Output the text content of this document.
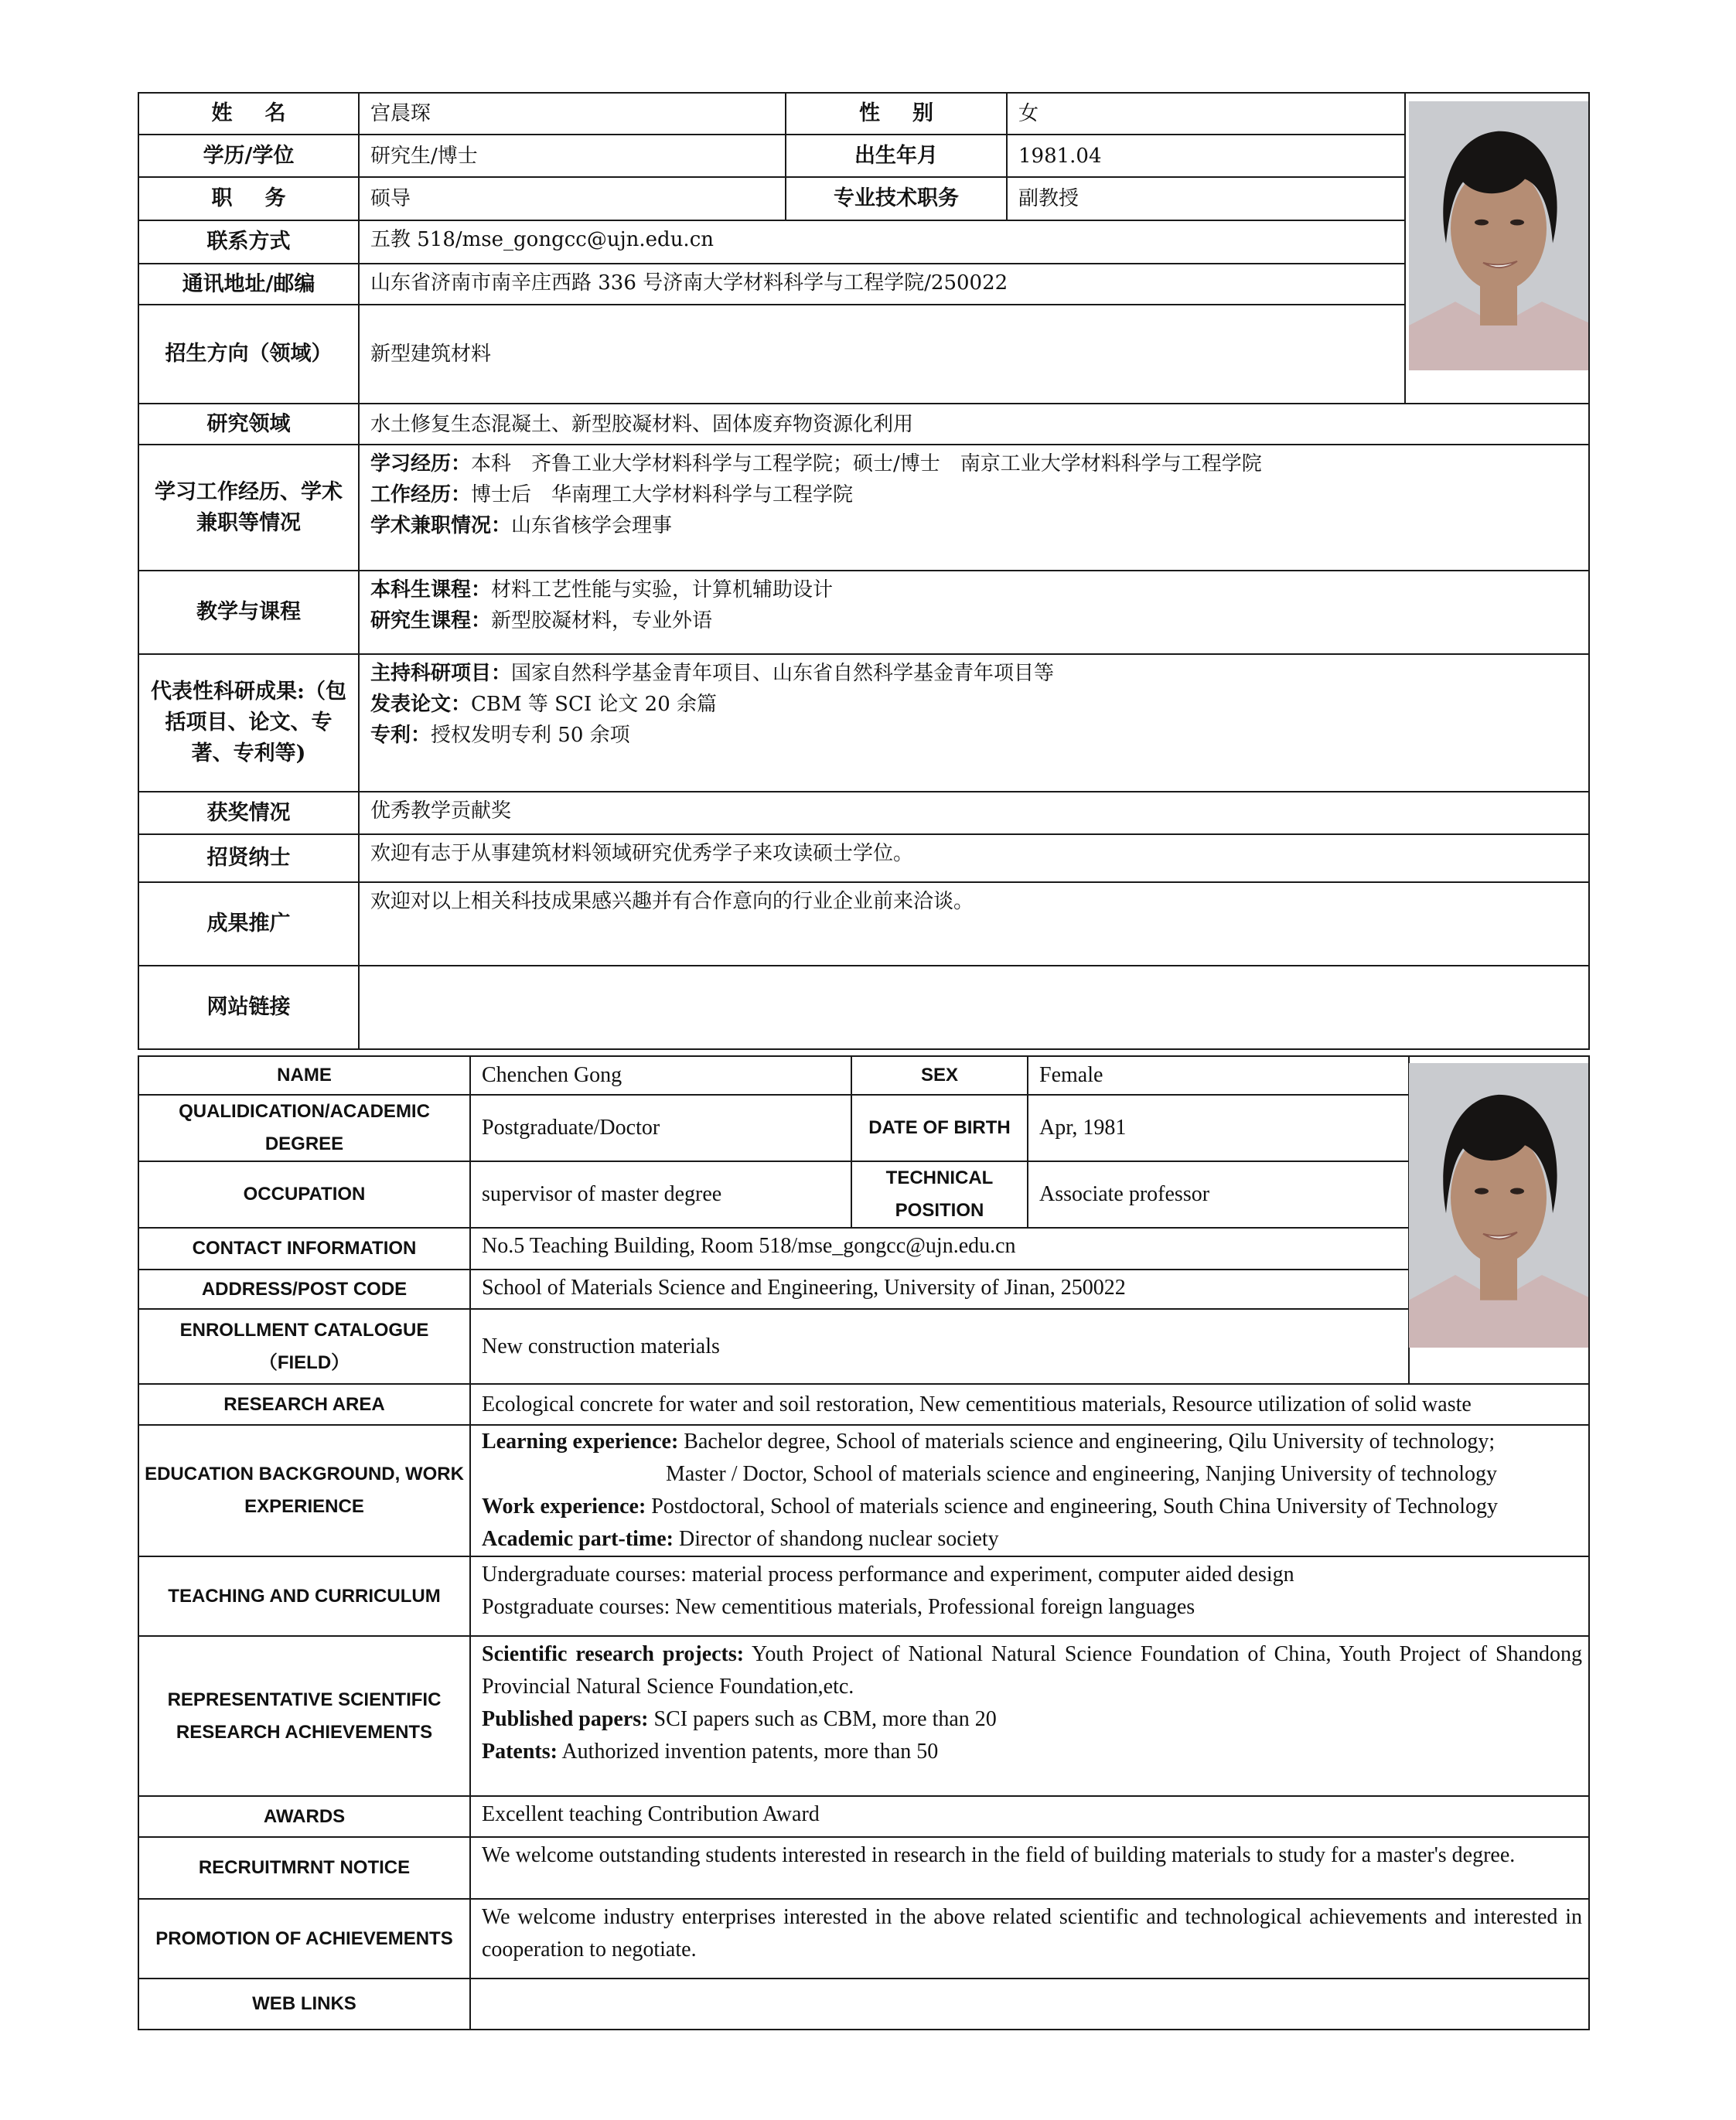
姓名	宫晨琛	性别	女	

学历/学位	研究生/博士	出生年月	1981.04	
职务	硕导	专业技术职务	副教授	
联系方式	五教 518/mse_gongcc@ujn.edu.cn			
通讯地址/邮编	山东省济南市南辛庄西路 336 号济南大学材料科学与工程学院/250022			
招生方向（领域）	新型建筑材料			
研究领域	水土修复生态混凝土、新型胶凝材料、固体废弃物资源化利用			
学习工作经历、学术兼职等情况	学习经历：本科　齐鲁工业大学材料科学与工程学院；硕士/博士　南京工业大学材料科学与工程学院
工作经历：博士后　华南理工大学材料科学与工程学院
学术兼职情况：山东省核学会理事			

教学与课程	本科生课程：材料工艺性能与实验，计算机辅助设计
研究生课程：新型胶凝材料，专业外语			

代表性科研成果:（包括项目、论文、专著、专利等)	主持科研项目：国家自然科学基金青年项目、山东省自然科学基金青年项目等
发表论文：CBM 等 SCI 论文 20 余篇
专利：授权发明专利 50 余项			

获奖情况	优秀教学贡献奖			
招贤纳士	欢迎有志于从事建筑材料领域研究优秀学子来攻读硕士学位。			
成果推广	欢迎对以上相关科技成果感兴趣并有合作意向的行业企业前来洽谈。			
网站链接				
NAME	Chenchen Gong	SEX	Female	

QUALIDICATION/ACADEMIC DEGREE	Postgraduate/Doctor	DATE OF BIRTH	Apr, 1981	
OCCUPATION	supervisor of master degree	TECHNICAL POSITION	Associate professor	
CONTACT INFORMATION	No.5 Teaching Building, Room 518/mse_gongcc@ujn.edu.cn			
ADDRESS/POST CODE	School of Materials Science and Engineering, University of Jinan, 250022			
ENROLLMENT CATALOGUE（FIELD）	New construction materials			
RESEARCH AREA	Ecological concrete for water and soil restoration, New cementitious materials, Resource utilization of solid waste			
EDUCATION BACKGROUND, WORK EXPERIENCE	Learning experience: Bachelor degree, School of materials science and engineering, Qilu University of technology;
Master / Doctor, School of materials science and engineering, Nanjing University of technology
Work experience: Postdoctoral, School of materials science and engineering, South China University of Technology
Academic part-time: Director of shandong nuclear society			

TEACHING AND CURRICULUM	Undergraduate courses: material process performance and experiment, computer aided design
Postgraduate courses: New cementitious materials, Professional foreign languages			

REPRESENTATIVE SCIENTIFIC RESEARCH ACHIEVEMENTS	Scientific research projects: Youth Project of National Natural Science Foundation of China, Youth Project of Shandong Provincial Natural Science Foundation,etc.
Published papers: SCI papers such as CBM, more than 20
Patents: Authorized invention patents, more than 50			

AWARDS	Excellent teaching Contribution Award			
RECRUITMRNT NOTICE	We welcome outstanding students interested in research in the field of building materials to study for a master's degree.			
PROMOTION OF ACHIEVEMENTS	We welcome industry enterprises interested in the above related scientific and technological achievements and interested in cooperation to negotiate.			
WEB LINKS				
